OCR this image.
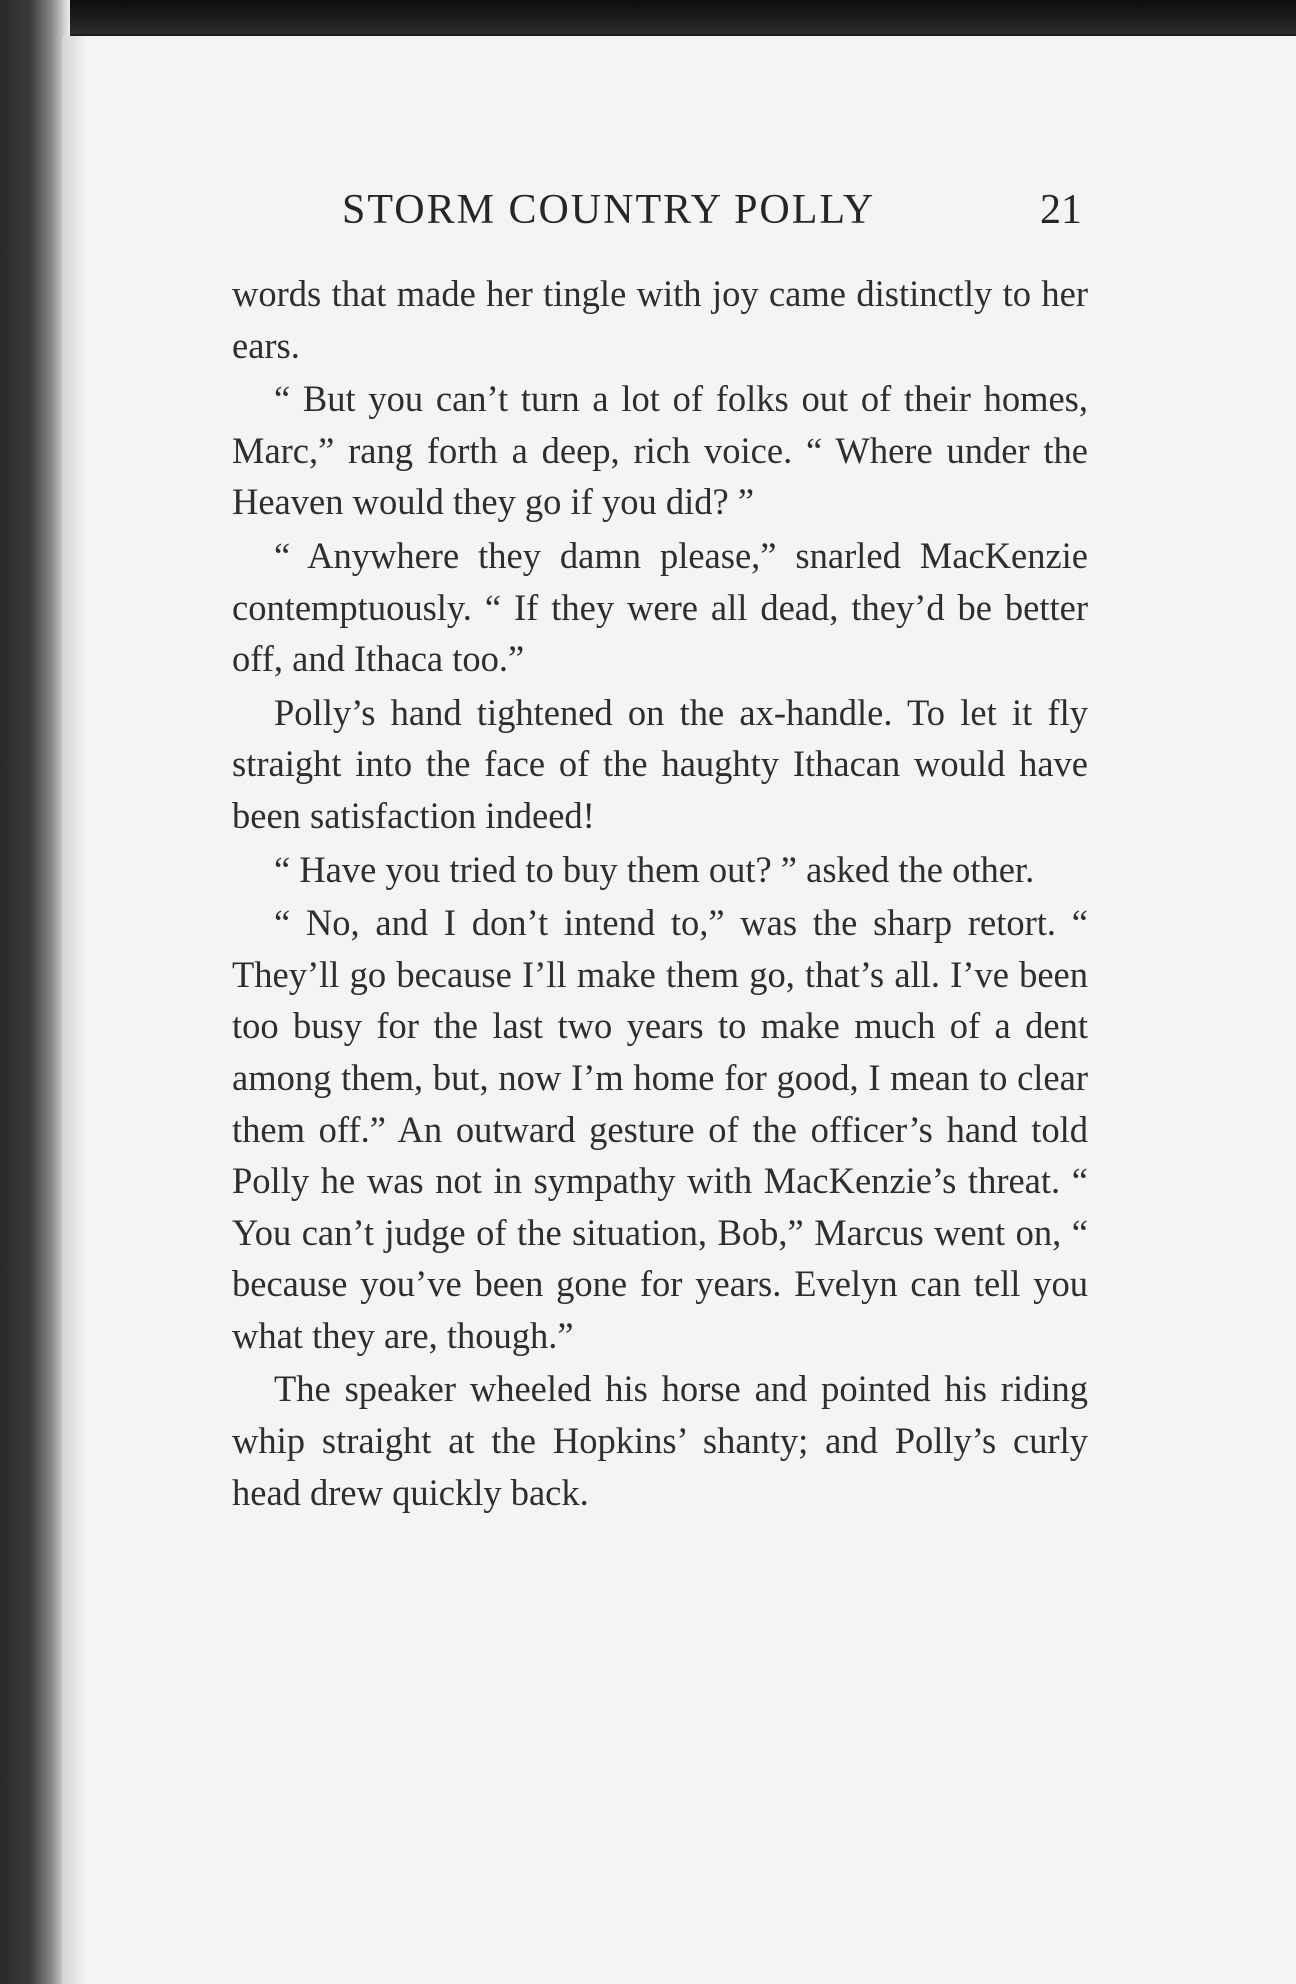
STORM COUNTRY POLLY	21

words that made her tingle with joy came distinctly to her ears.

“ But you can’t turn a lot of folks out of their homes, Marc,” rang forth a deep, rich voice. “ Where under the Heaven would they go if you did? ”

“ Anywhere they damn please,” snarled MacKenzie contemptuously. “ If they were all dead, they’d be better off, and Ithaca too.”

Polly’s hand tightened on the ax-handle. To let it fly straight into the face of the haughty Ithacan would have been satisfaction indeed!

“ Have you tried to buy them out? ” asked the other.

“ No, and I don’t intend to,” was the sharp retort. “ They’ll go because I’ll make them go, that’s all. I’ve been too busy for the last two years to make much of a dent among them, but, now I’m home for good, I mean to clear them off.” An outward gesture of the officer’s hand told Polly he was not in sympathy with MacKenzie’s threat. “ You can’t judge of the situation, Bob,” Marcus went on, “ because you’ve been gone for years. Evelyn can tell you what they are, though.”

The speaker wheeled his horse and pointed his riding whip straight at the Hopkins’ shanty; and Polly’s curly head drew quickly back.
